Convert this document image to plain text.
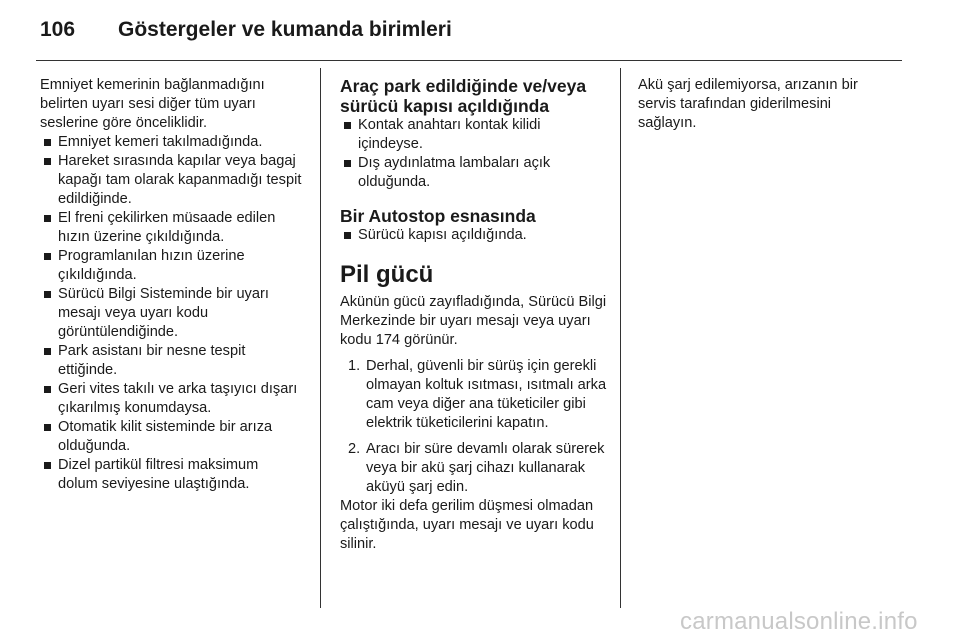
106 Göstergeler ve kumanda birimleri

Emniyet kemerinin bağlanmadığını belirten uyarı sesi diğer tüm uyarı seslerine göre önceliklidir.

Emniyet kemeri takılmadığında.

Hareket sırasında kapılar veya bagaj kapağı tam olarak kapanmadığı tespit edildiğinde.

El freni çekilirken müsaade edilen hızın üzerine çıkıldığında.

Programlanılan hızın üzerine çıkıldığında.

Sürücü Bilgi Sisteminde bir uyarı mesajı veya uyarı kodu görüntülendiğinde.

Park asistanı bir nesne tespit ettiğinde.

Geri vites takılı ve arka taşıyıcı dışarı çıkarılmış konumdaysa.

Otomatik kilit sisteminde bir arıza olduğunda.

Dizel partikül filtresi maksimum dolum seviyesine ulaştığında.

Araç park edildiğinde ve/veya sürücü kapısı açıldığında

Kontak anahtarı kontak kilidi içindeyse.

Dış aydınlatma lambaları açık olduğunda.

Bir Autostop esnasında

Sürücü kapısı açıldığında.

Pil gücü

Akünün gücü zayıfladığında, Sürücü Bilgi Merkezinde bir uyarı mesajı veya uyarı kodu 174 görünür.

1. Derhal, güvenli bir sürüş için gerekli olmayan koltuk ısıtması, ısıtmalı arka cam veya diğer ana tüketiciler gibi elektrik tüketicilerini kapatın.
2. Aracı bir süre devamlı olarak sürerek veya bir akü şarj cihazı kullanarak aküyü şarj edin.

Motor iki defa gerilim düşmesi olmadan çalıştığında, uyarı mesajı ve uyarı kodu silinir.

Akü şarj edilemiyorsa, arızanın bir servis tarafından giderilmesini sağlayın.

carmanualsonline.info
